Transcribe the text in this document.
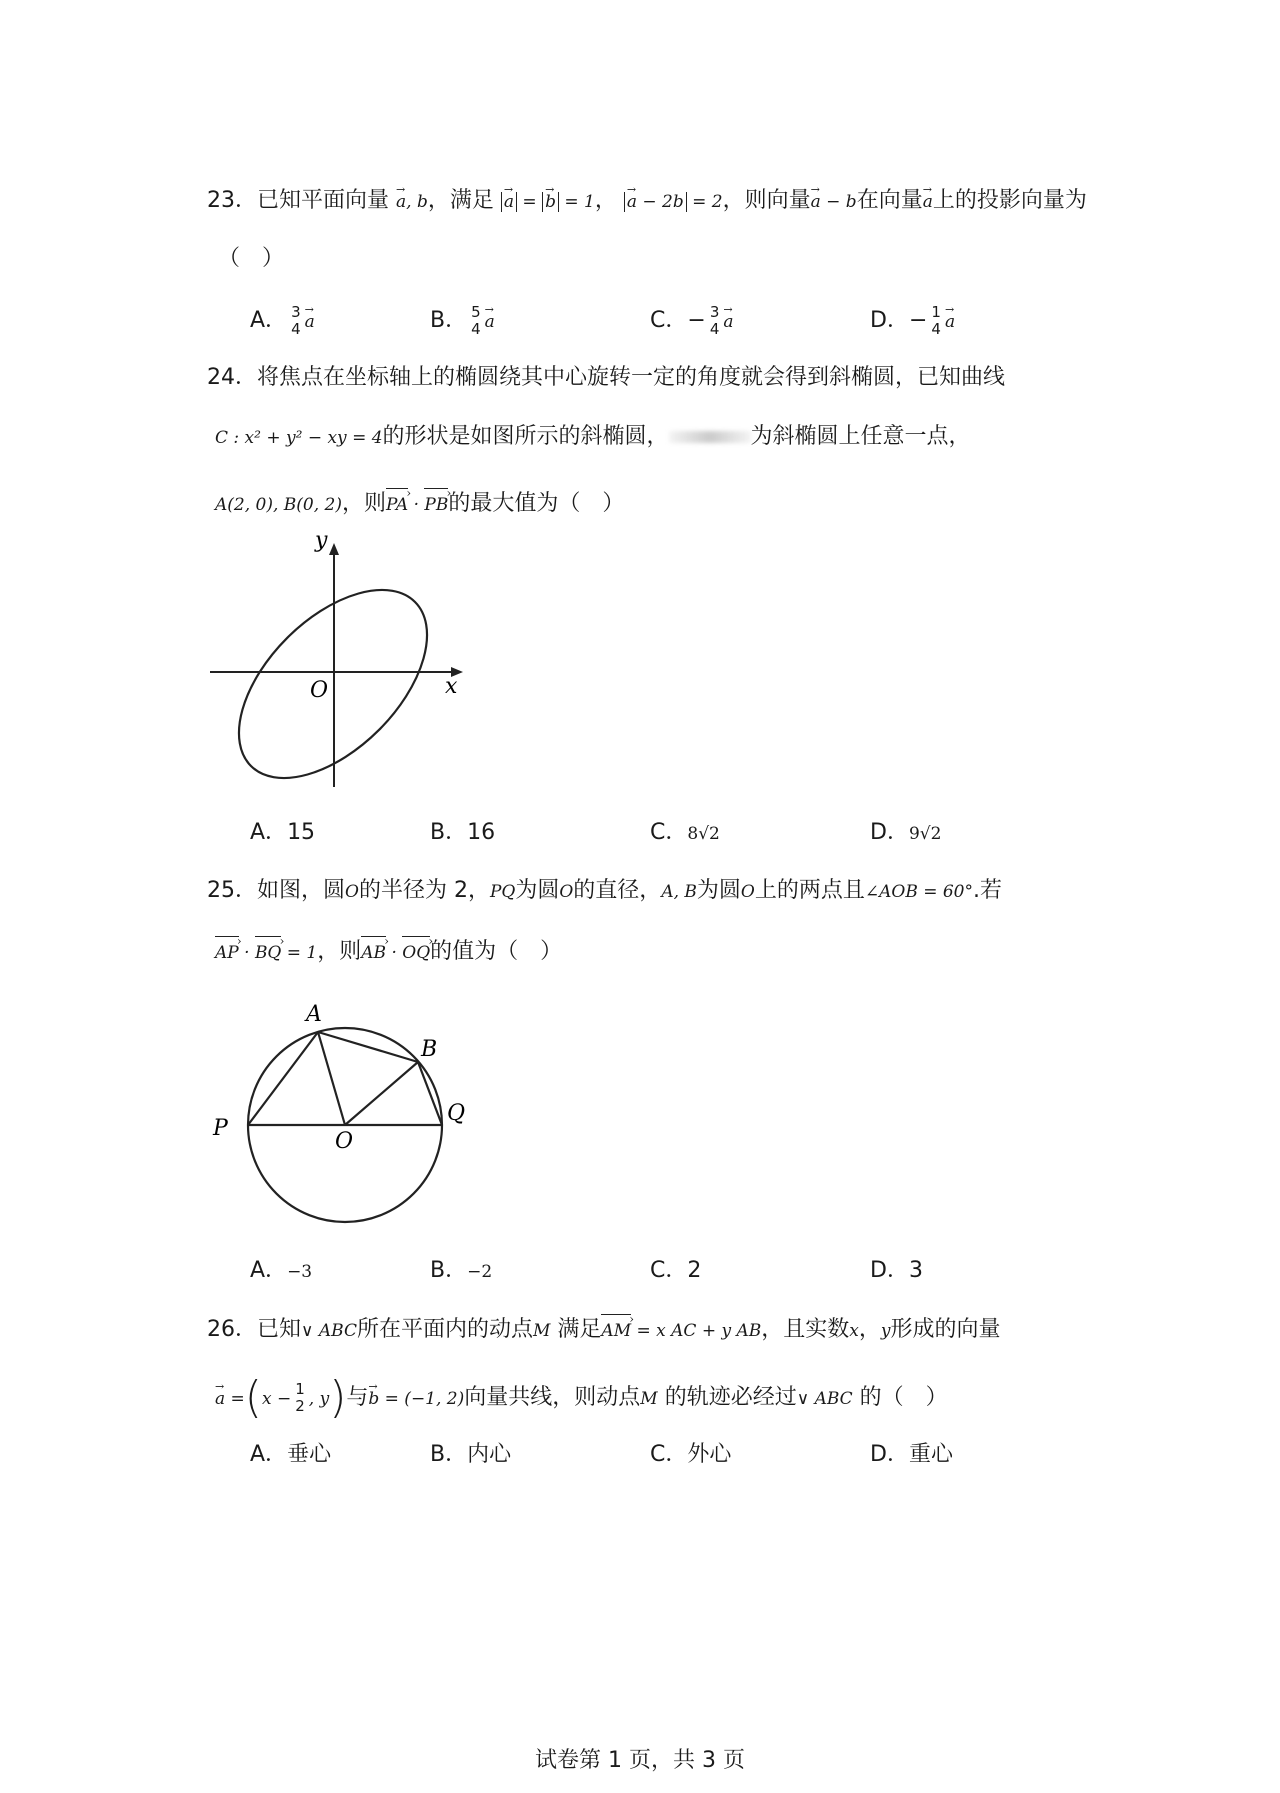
23．已知平面向量 → a, b，满足 → a = → b = 1， → a − 2b = 2，则向量→ a − b在向量→ a上的投影向量为
（　）
A． 3
4 → a	B． 5
4 → a	C．− 3
4 → a	D．− 1
4 → a
24．将焦点在坐标轴上的椭圆绕其中心旋转一定的角度就会得到斜椭圆，已知曲线
C : x² + y² − xy = 4的形状是如图所示的斜椭圆，	为斜椭圆上任意一点，
A(2, 0), B(0, 2)，则PA › · PB ›的最大值为（　）
y
x
O
A．15	B．16	C．8√2	D．9√2
25．如图，圆O的半径为 2，PQ为圆O的直径，A, B为圆O上的两点且∠AOB = 60°.若
AP › · BQ › = 1，则AB › · OQ ›的值为（　）
A
B
P
O
Q
A．−3	B．−2	C．2	D．3
26．已知∨ ABC所在平面内的动点M 满足AM › = x AC + y AB，且实数x，y形成的向量
→ a =(x − 1
2 , y)与→ b = (−1, 2)向量共线，则动点M 的轨迹必经过∨ ABC 的（　）
A．垂心	B．内心	C．外心	D．重心
试卷第 1 页，共 3 页
